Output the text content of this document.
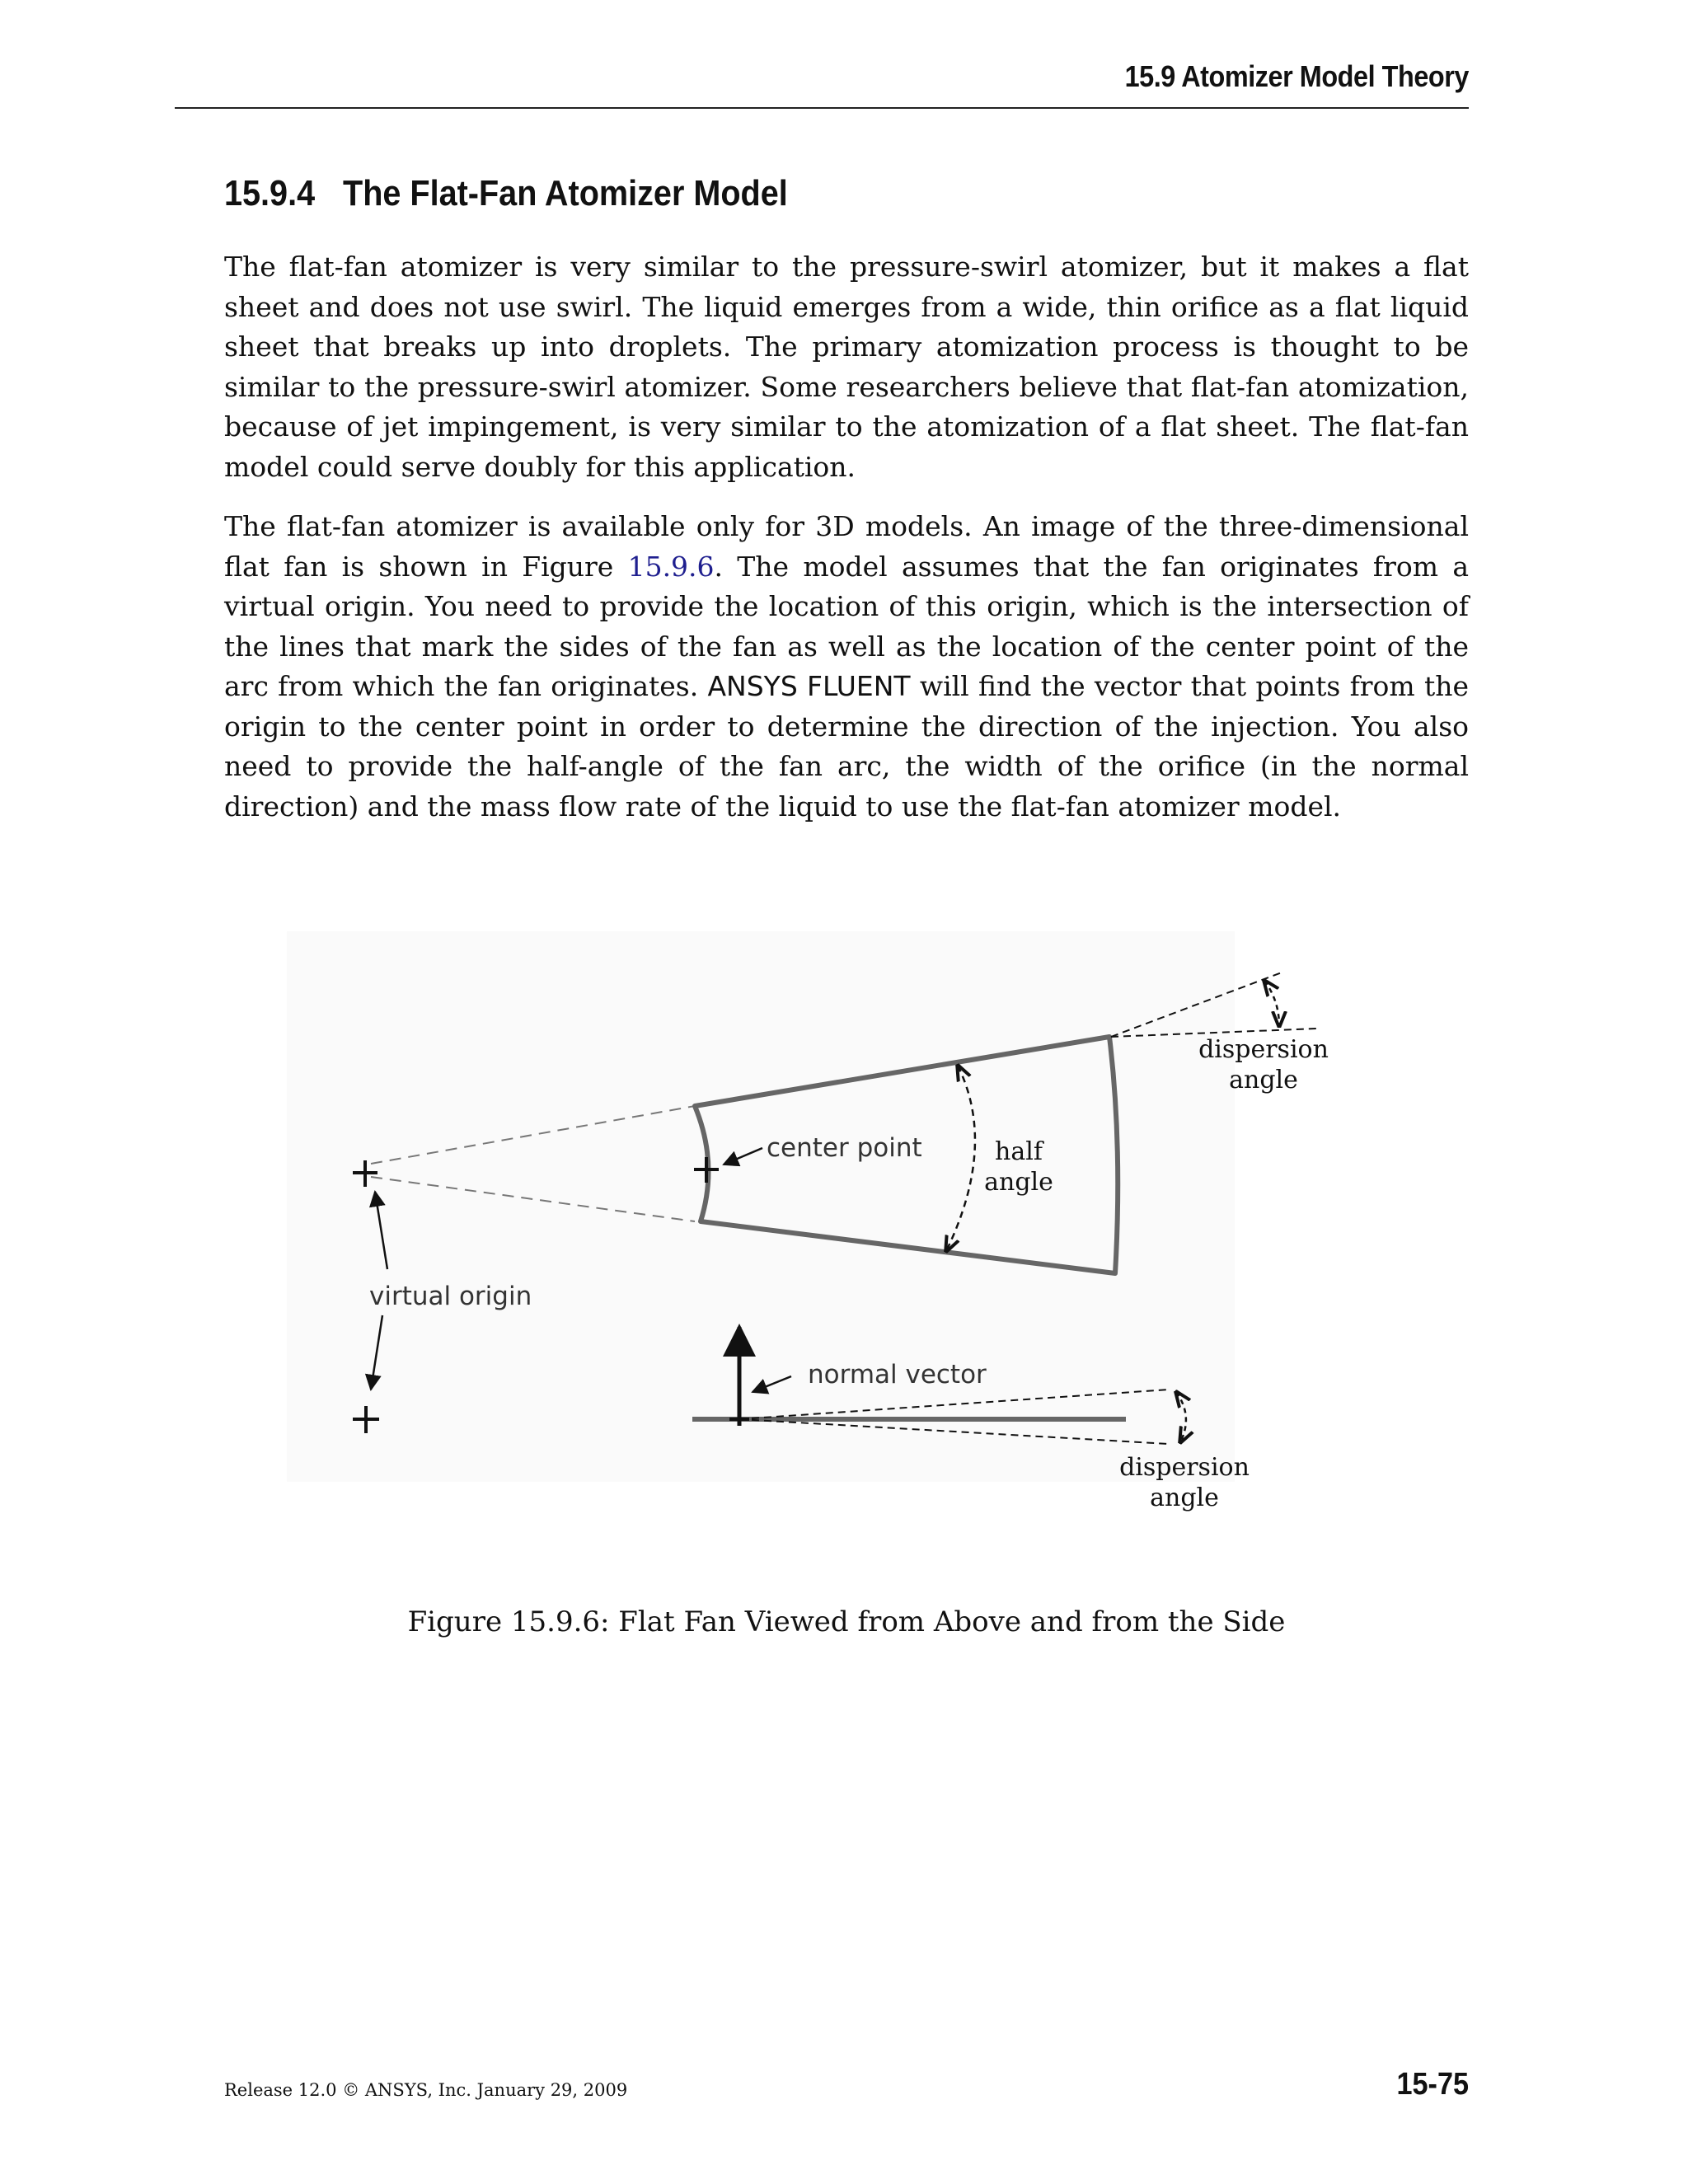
15.9 Atomizer Model Theory
15.9.4 The Flat-Fan Atomizer Model

The flat-fan atomizer is very similar to the pressure-swirl atomizer, but it makes a flat sheet and does not use swirl. The liquid emerges from a wide, thin orifice as a flat liquid sheet that breaks up into droplets. The primary atomization process is thought to be similar to the pressure-swirl atomizer. Some researchers believe that flat-fan atomization, because of jet impingement, is very similar to the atomization of a flat sheet. The flat-fan model could serve doubly for this application.

The flat-fan atomizer is available only for 3D models. An image of the three-dimensional flat fan is shown in Figure 15.9.6. The model assumes that the fan originates from a virtual origin. You need to provide the location of this origin, which is the intersection of the lines that mark the sides of the fan as well as the location of the center point of the arc from which the fan originates. ANSYS FLUENT will find the vector that points from the origin to the center point in order to determine the direction of the injection. You also need to provide the half-angle of the fan arc, the width of the orifice (in the normal direction) and the mass flow rate of the liquid to use the flat-fan atomizer model.

center point	half
angle
dispersion
angle
virtual origin
normal vector
dispersion
angle
Figure 15.9.6: Flat Fan Viewed from Above and from the Side
Release 12.0 © ANSYS, Inc. January 29, 2009	15-75
